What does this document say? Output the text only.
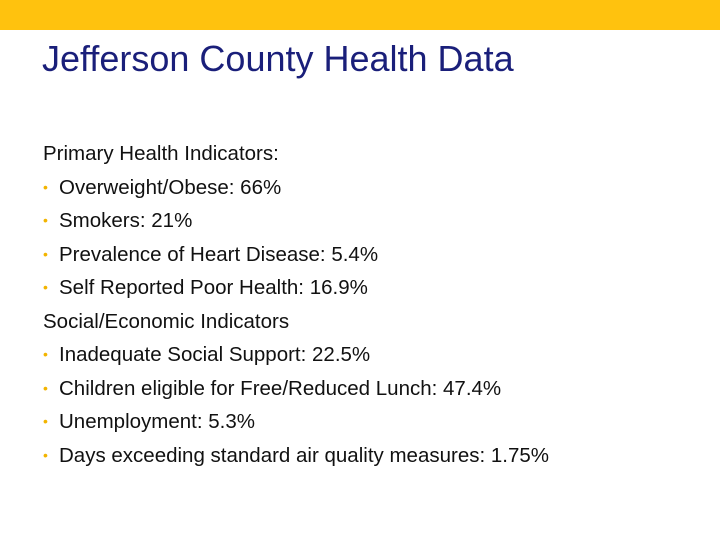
Jefferson County Health Data
Primary Health Indicators:
• Overweight/Obese: 66%
• Smokers: 21%
• Prevalence of Heart Disease: 5.4%
• Self Reported Poor Health: 16.9%
Social/Economic Indicators
• Inadequate Social Support: 22.5%
• Children eligible for Free/Reduced Lunch: 47.4%
• Unemployment: 5.3%
• Days exceeding standard air quality measures: 1.75%
